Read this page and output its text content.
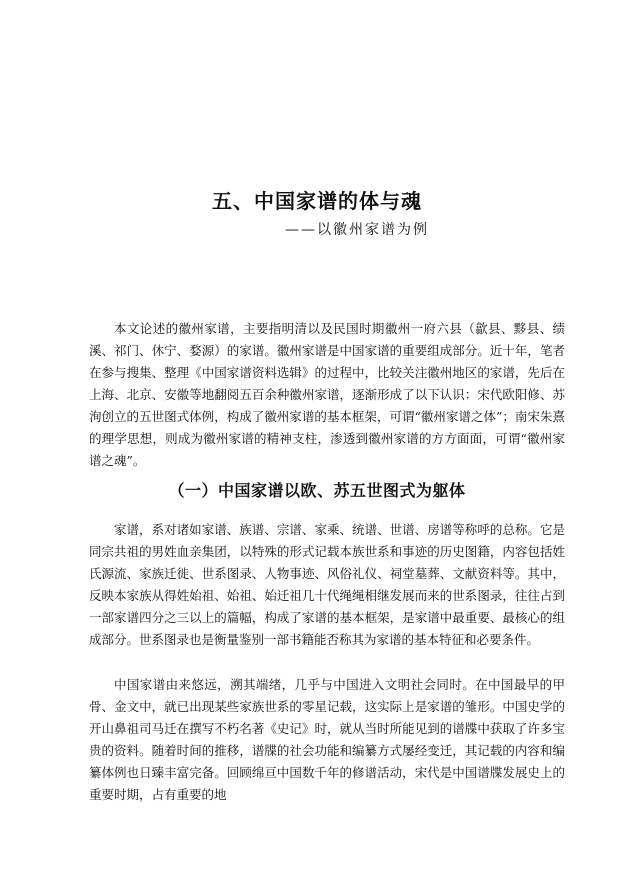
五、中国家谱的体与魂

——以徽州家谱为例

本文论述的徽州家谱，主要指明清以及民国时期徽州一府六县（歙县、黟县、绩溪、祁门、休宁、婺源）的家谱。徽州家谱是中国家谱的重要组成部分。近十年，笔者在参与搜集、整理《中国家谱资料选辑》的过程中，比较关注徽州地区的家谱，先后在上海、北京、安徽等地翻阅五百余种徽州家谱，逐渐形成了以下认识：宋代欧阳修、苏洵创立的五世图式体例，构成了徽州家谱的基本框架，可谓“徽州家谱之体”；南宋朱熹的理学思想，则成为徽州家谱的精神支柱，渗透到徽州家谱的方方面面，可谓“徽州家谱之魂”。

（一）中国家谱以欧、苏五世图式为躯体

家谱，系对诸如家谱、族谱、宗谱、家乘、统谱、世谱、房谱等称呼的总称。它是同宗共祖的男姓血亲集团，以特殊的形式记载本族世系和事迹的历史图籍，内容包括姓氏源流、家族迁徙、世系图录、人物事迹、风俗礼仪、祠堂墓葬、文献资料等。其中，反映本家族从得姓始祖、始祖、始迁祖几十代绳绳相继发展而来的世系图录，往往占到一部家谱四分之三以上的篇幅，构成了家谱的基本框架，是家谱中最重要、最核心的组成部分。世系图录也是衡量鉴别一部书籍能否称其为家谱的基本特征和必要条件。

中国家谱由来悠远，溯其端绪，几乎与中国进入文明社会同时。在中国最早的甲骨、金文中，就已出现某些家族世系的零星记载，这实际上是家谱的雏形。中国史学的开山鼻祖司马迁在撰写不朽名著《史记》时，就从当时所能见到的谱牒中获取了许多宝贵的资料。随着时间的推移，谱牒的社会功能和编纂方式屡经变迁，其记载的内容和编纂体例也日臻丰富完备。回顾绵亘中国数千年的修谱活动，宋代是中国谱牒发展史上的重要时期，占有重要的地
